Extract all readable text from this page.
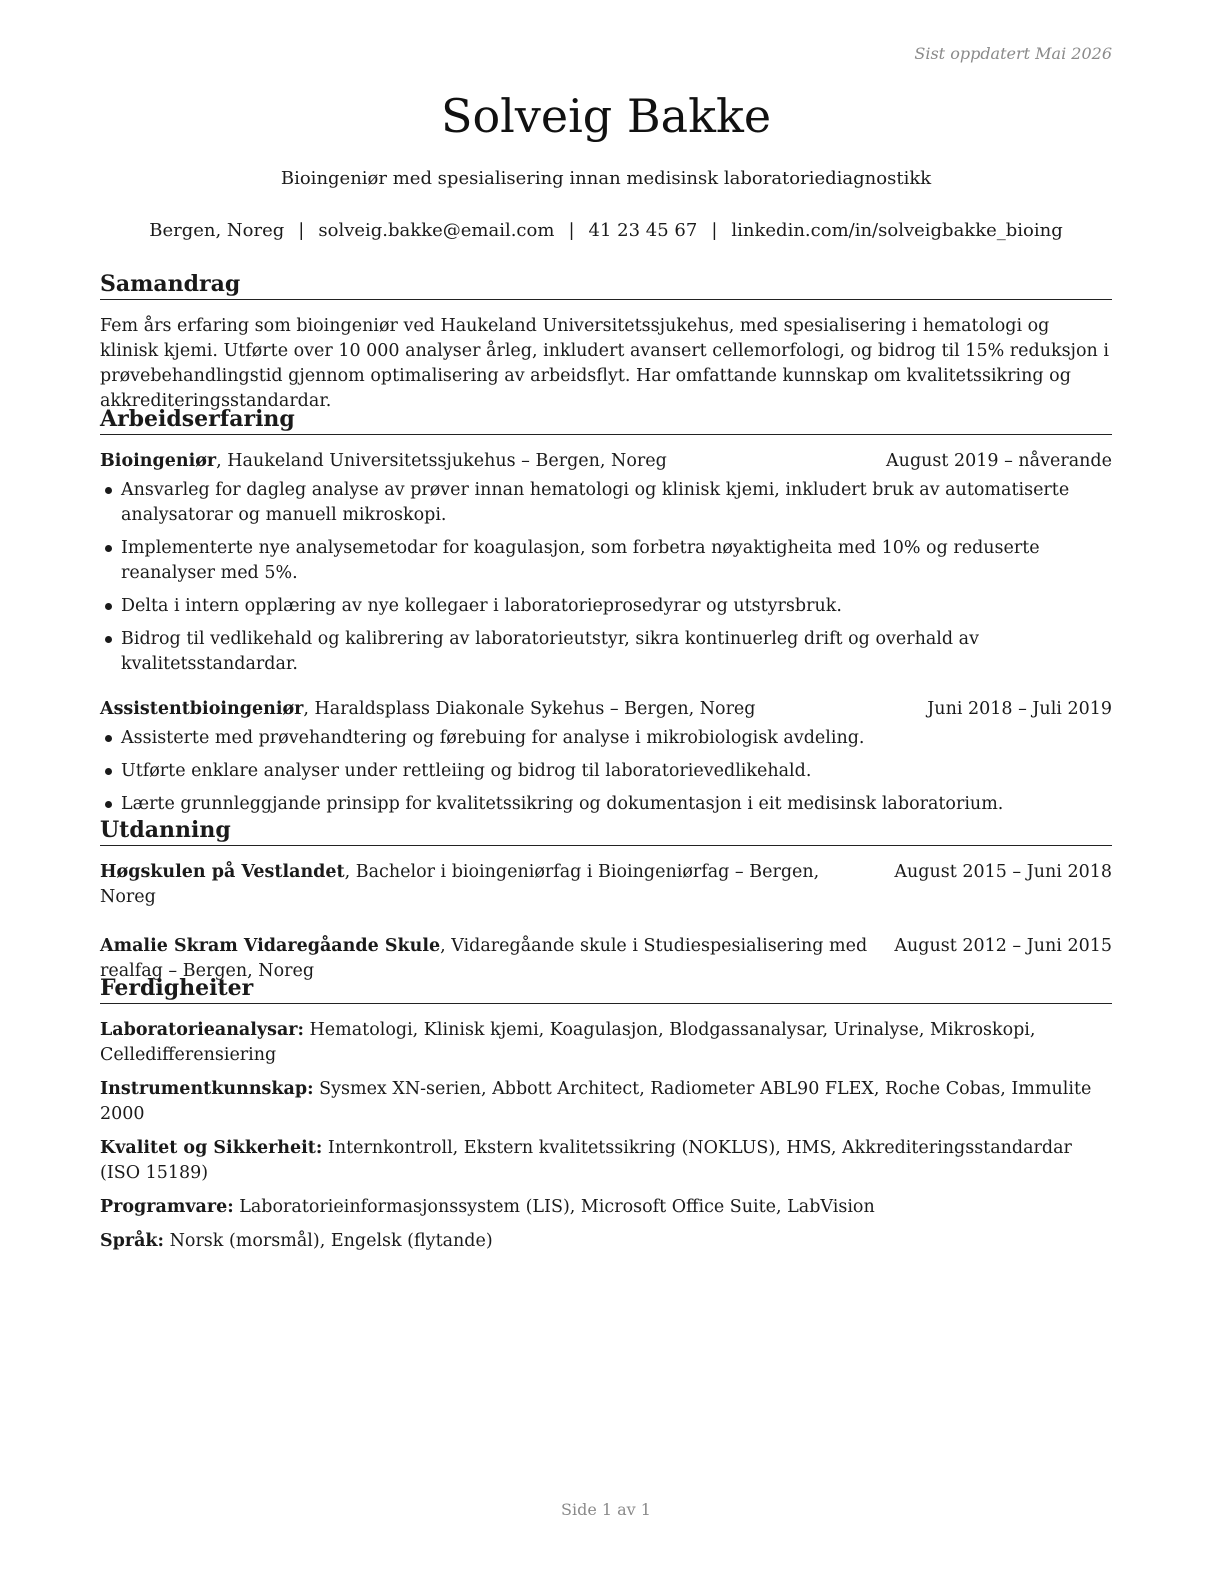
Sist oppdatert Mai 2026
Solveig Bakke
Bioingeniør med spesialisering innan medisinsk laboratoriediagnostikk
Bergen, Noreg | solveig.bakke@email.com | 41 23 45 67 | linkedin.com/in/solveigbakke_bioing
Samandrag
Fem års erfaring som bioingeniør ved Haukeland Universitetssjukehus, med spesialisering i hematologi og klinisk kjemi. Utførte over 10 000 analyser årleg, inkludert avansert cellemorfologi, og bidrog til 15% reduksjon i prøvebehandlingstid gjennom optimalisering av arbeidsflyt. Har omfattande kunnskap om kvalitetssikring og akkrediteringsstandardar.
Arbeidserfaring
Bioingeniør, Haukeland Universitetssjukehus – Bergen, Noreg	August 2019 – nåverande
Ansvarleg for dagleg analyse av prøver innan hematologi og klinisk kjemi, inkludert bruk av automatiserte analysatorar og manuell mikroskopi.
Implementerte nye analysemetodar for koagulasjon, som forbetra nøyaktigheita med 10% og reduserte reanalyser med 5%.
Delta i intern opplæring av nye kollegaer i laboratorieprosedyrar og utstyrsbruk.
Bidrog til vedlikehald og kalibrering av laboratorieutstyr, sikra kontinuerleg drift og overhald av kvalitetsstandardar.
Assistentbioingeniør, Haraldsplass Diakonale Sykehus – Bergen, Noreg	Juni 2018 – Juli 2019
Assisterte med prøvehandtering og førebuing for analyse i mikrobiologisk avdeling.
Utførte enklare analyser under rettleiing og bidrog til laboratorievedlikehald.
Lærte grunnleggjande prinsipp for kvalitetssikring og dokumentasjon i eit medisinsk laboratorium.
Utdanning
Høgskulen på Vestlandet, Bachelor i bioingeniørfag i Bioingeniørfag – Bergen, Noreg
August 2015 – Juni 2018
Amalie Skram Vidaregåande Skule, Vidaregåande skule i Studiespesialisering med realfag – Bergen, Noreg
August 2012 – Juni 2015
Ferdigheiter
Laboratorieanalysar: Hematologi, Klinisk kjemi, Koagulasjon, Blodgassanalysar, Urinalyse, Mikroskopi, Celledifferensiering
Instrumentkunnskap: Sysmex XN-serien, Abbott Architect, Radiometer ABL90 FLEX, Roche Cobas, Immulite 2000
Kvalitet og Sikkerheit: Internkontroll, Ekstern kvalitetssikring (NOKLUS), HMS, Akkrediteringsstandardar (ISO 15189)
Programvare: Laboratorieinformasjonssystem (LIS), Microsoft Office Suite, LabVision
Språk: Norsk (morsmål), Engelsk (flytande)
Side 1 av 1
